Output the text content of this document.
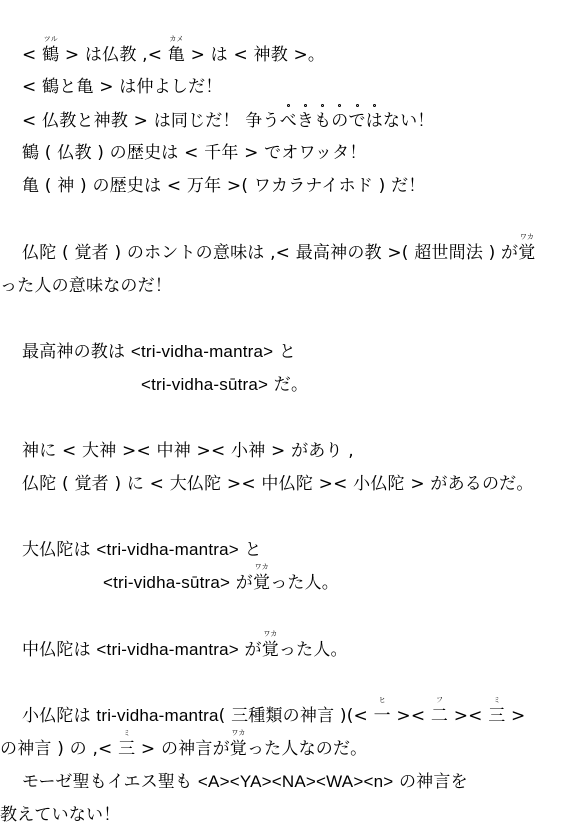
< 鶴
ツル
> は仏教 ,< 亀
カメ
> は < 神教 >。
< 鶴と亀 > は仲よしだ！
< 仏教と神教 > は同じだ！ 争う
べきものではない！
鶴 ( 仏教 ) の歴史は < 千年 > でオワッタ！
亀 ( 神 ) の歴史は < 万年 >( ワカラナイホド ) だ！
仏陀 ( 覚者 ) のホントの意味は ,< 最高神の教 >( 超世間法 ) が覚
ワカ
った人の意味なのだ！
最高神の教は <tri-vidha-mantra> と
<tri-vidha-sūtra> だ。
神に < 大神 >< 中神 >< 小神 > があり ,
仏陀 ( 覚者 ) に < 大仏陀 >< 中仏陀 >< 小仏陀 > があるのだ。
大仏陀は <tri-vidha-mantra> と
<tri-vidha-sūtra> が覚
ワカ
った人。
中仏陀は <tri-vidha-mantra> が覚
ワカ
った人。
小仏陀は tri-vidha-mantra( 三種類の神言 )(< 一
ヒ
>< 二
フ
>< 三
ミ
>
の神言 ) の ,< 三
ミ
> の神言が覚
ワカ
った人なのだ。
モーゼ聖もイエス聖も <A><YA><NA><WA><n> の神言を
教えていない！
